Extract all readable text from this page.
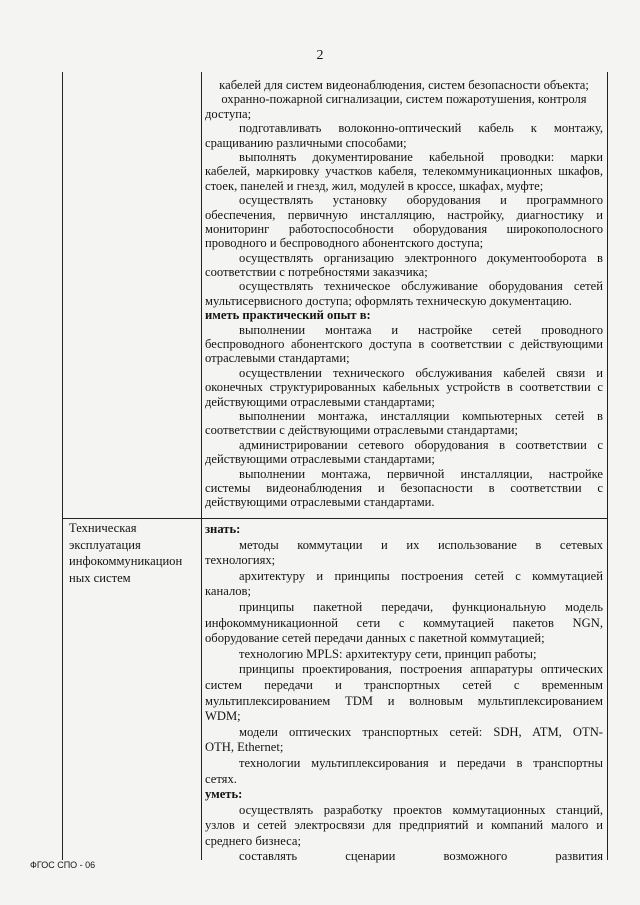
2
кабелей для систем видеонаблюдения, систем безопасности объекта;
охранно-пожарной сигнализации, систем пожаротушения, контроля
доступа;
подготавливать волоконно-оптический кабель к монтажу,
сращиванию различными способами;
выполнять документирование кабельной проводки: марки
кабелей, маркировку участков кабеля, телекоммуникационных шкафов,
стоек, панелей и гнезд, жил, модулей в кроссе, шкафах, муфте;
осуществлять установку оборудования и программного
обеспечения, первичную инсталляцию, настройку, диагностику и
мониторинг работоспособности оборудования широкополосного
проводного и беспроводного абонентского доступа;
осуществлять организацию электронного документооборота в
соответствии с потребностями заказчика;
осуществлять техническое обслуживание оборудования сетей
мультисервисного доступа; оформлять техническую документацию.
иметь практический опыт в:
выполнении монтажа и настройке сетей проводного
беспроводного абонентского доступа в соответствии с действующими
отраслевыми стандартами;
осуществлении технического обслуживания кабелей связи и
оконечных структурированных кабельных устройств в соответствии с
действующими отраслевыми стандартами;
выполнении монтажа, инсталляции компьютерных сетей в
соответствии с действующими отраслевыми стандартами;
администрировании сетевого оборудования в соответствии с
действующими отраслевыми стандартами;
выполнении монтажа, первичной инсталляции, настройке
системы видеонаблюдения и безопасности в соответствии с
действующими отраслевыми стандартами.
Техническая
эксплуатация
инфокоммуникацион
ных систем
знать:
методы коммутации и их использование в сетевых
технологиях;
архитектуру и принципы построения сетей с коммутацией
каналов;
принципы пакетной передачи, функциональную модель
инфокоммуникационной сети с коммутацией пакетов NGN,
оборудование сетей передачи данных с пакетной коммутацией;
технологию MPLS: архитектуру сети, принцип работы;
принципы проектирования, построения аппаратуры оптических
систем передачи и транспортных сетей с временным
мультиплексированием TDM и волновым мультиплексированием
WDM;
модели оптических транспортных сетей: SDH, ATM, OTN-
OTH, Ethernet;
технологии мультиплексирования и передачи в транспортны
сетях.
уметь:
осуществлять разработку проектов коммутационных станций,
узлов и сетей электросвязи для предприятий и компаний малого и
среднего бизнеса;
составлять сценарии возможного развития
ФГОС СПО - 06
